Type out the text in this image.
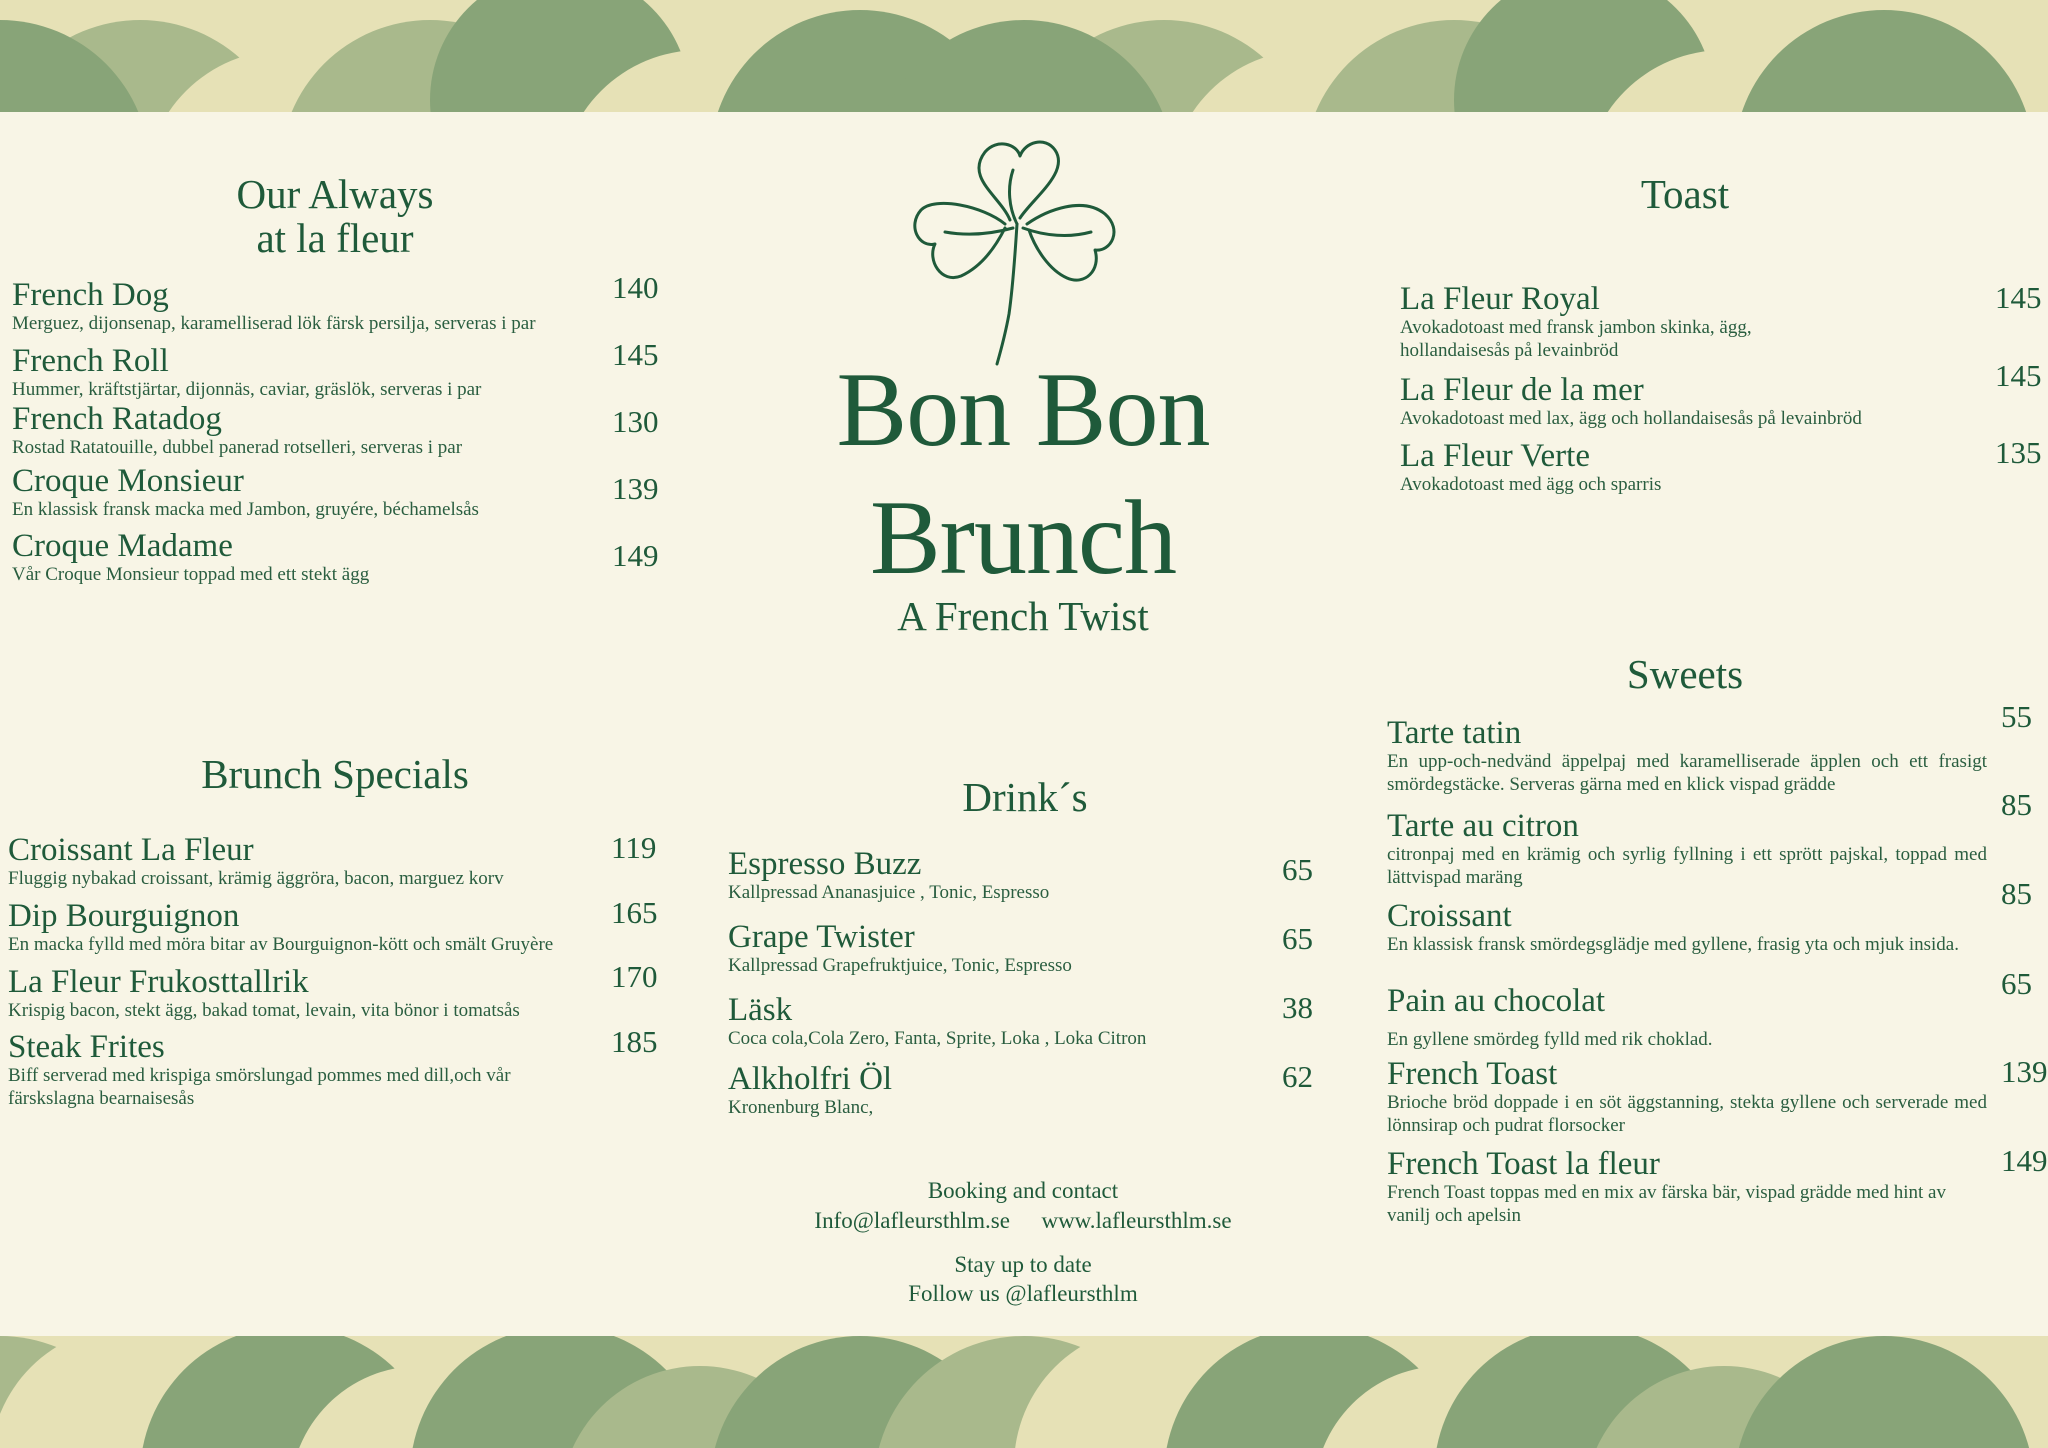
Our Always
at la fleur
French Dog
Merguez, dijonsenap, karamelliserad lök färsk persilja, serveras i par
140
French Roll
Hummer, kräftstjärtar, dijonnäs, caviar, gräslök, serveras i par
145
French Ratadog
Rostad Ratatouille, dubbel panerad rotselleri, serveras i par
130
Croque Monsieur
En klassisk fransk macka med Jambon, gruyére, béchamelsås
139
Croque Madame
Vår Croque Monsieur toppad med ett stekt ägg
149
Brunch Specials
Croissant La Fleur
Fluggig nybakad croissant, krämig äggröra, bacon, marguez korv
119
Dip Bourguignon
En macka fylld med möra bitar av Bourguignon-kött och smält Gruyère
165
La Fleur Frukosttallrik
Krispig bacon, stekt ägg, bakad tomat, levain, vita bönor i tomatsås
170
Steak Frites
Biff serverad med krispiga smörslungad pommes med dill,och vår färskslagna bearnaisesås
185
Bon Bon
Brunch
A French Twist
Drink´s
Espresso Buzz
Kallpressad Ananasjuice , Tonic, Espresso
65
Grape Twister
Kallpressad Grapefruktjuice, Tonic, Espresso
65
Läsk
Coca cola,Cola Zero, Fanta, Sprite, Loka , Loka Citron
38
Alkholfri Öl
Kronenburg Blanc,
62
Booking and contact
Info@lafleursthlm.se www.lafleursthlm.se
Stay up to date
Follow us @lafleursthlm
Toast
La Fleur Royal
Avokadotoast med fransk jambon skinka, ägg, hollandaisesås på levainbröd
145
La Fleur de la mer
Avokadotoast med lax, ägg och hollandaisesås på levainbröd
145
La Fleur Verte
Avokadotoast med ägg och sparris
135
Sweets
Tarte tatin
En upp-och-nedvänd äppelpaj med karamelliserade äpplen och ett frasigt smördegstäcke. Serveras gärna med en klick vispad grädde
55
Tarte au citron
citronpaj med en krämig och syrlig fyllning i ett sprött pajskal, toppad med lättvispad maräng
85
Croissant
En klassisk fransk smördegsglädje med gyllene, frasig yta och mjuk insida.
85
Pain au chocolat
En gyllene smördeg fylld med rik choklad.
65
French Toast
Brioche bröd doppade i en söt äggstanning, stekta gyllene och serverade med lönnsirap och pudrat florsocker
139
French Toast la fleur
French Toast toppas med en mix av färska bär, vispad grädde med hint av vanilj och apelsin
149
